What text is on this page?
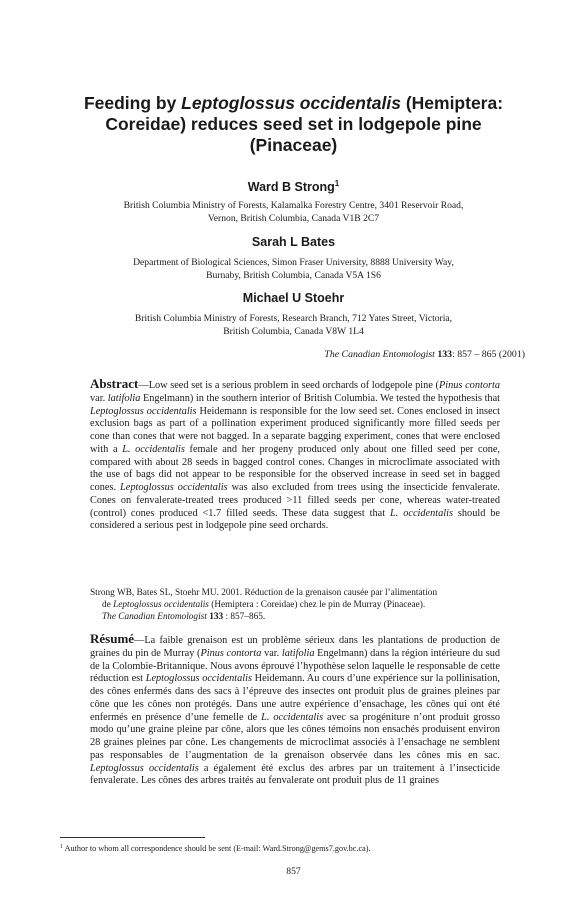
Feeding by Leptoglossus occidentalis (Hemiptera: Coreidae) reduces seed set in lodgepole pine (Pinaceae)
Ward B Strong$^1$
British Columbia Ministry of Forests, Kalamalka Forestry Centre, 3401 Reservoir Road,
Vernon, British Columbia, Canada V1B 2C7
Sarah L Bates
Department of Biological Sciences, Simon Fraser University, 8888 University Way,
Burnaby, British Columbia, Canada V5A 1S6
Michael U Stoehr
British Columbia Ministry of Forests, Research Branch, 712 Yates Street, Victoria,
British Columbia, Canada V8W 1L4
The Canadian Entomologist 133: 857 – 865 (2001)
Abstract—Low seed set is a serious problem in seed orchards of lodgepole pine (Pinus contorta var. latifolia Engelmann) in the southern interior of British Columbia. We tested the hypothesis that Leptoglossus occidentalis Heidemann is responsible for the low seed set. Cones enclosed in insect exclusion bags as part of a pollination experiment produced significantly more filled seeds per cone than cones that were not bagged. In a separate bagging experiment, cones that were enclosed with a L. occidentalis female and her progeny produced only about one filled seed per cone, compared with about 28 seeds in bagged control cones. Changes in microclimate associated with the use of bags did not appear to be responsible for the observed increase in seed set in bagged cones. Leptoglossus occidentalis was also excluded from trees using the insecticide fenvalerate. Cones on fenvalerate-treated trees produced >11 filled seeds per cone, whereas water-treated (control) cones produced <1.7 filled seeds. These data suggest that L. occidentalis should be considered a serious pest in lodgepole pine seed orchards.
Strong WB, Bates SL, Stoehr MU. 2001. Réduction de la grenaison causée par l’alimentation
de Leptoglossus occidentalis (Hemiptera : Coreidae) chez le pin de Murray (Pinaceae).
The Canadian Entomologist 133 : 857–865.
Résumé—La faible grenaison est un problème sérieux dans les plantations de production de graines du pin de Murray (Pinus contorta var. latifolia Engelmann) dans la région intérieure du sud de la Colombie-Britannique. Nous avons éprouvé l’hypothèse selon laquelle le responsable de cette réduction est Leptoglossus occidentalis Heidemann. Au cours d’une expérience sur la pollinisation, des cônes enfermés dans des sacs à l’épreuve des insectes ont produit plus de graines pleines par cône que les cônes non protégés. Dans une autre expérience d’ensachage, les cônes qui ont été enfermés en présence d’une femelle de L. occidentalis avec sa progéniture n’ont produit grosso modo qu’une graine pleine par cône, alors que les cônes témoins non ensachés produisent environ 28 graines pleines par cône. Les changements de microclimat associés à l’ensachage ne semblent pas responsables de l’augmentation de la grenaison observée dans les cônes mis en sac. Leptoglossus occidentalis a également été exclus des arbres par un traitement à l’insecticide fenvalerate. Les cônes des arbres traités au fenvalerate ont produit plus de 11 graines
$^1$ Author to whom all correspondence should be sent (E-mail: Ward.Strong@gems7.gov.bc.ca).
857
